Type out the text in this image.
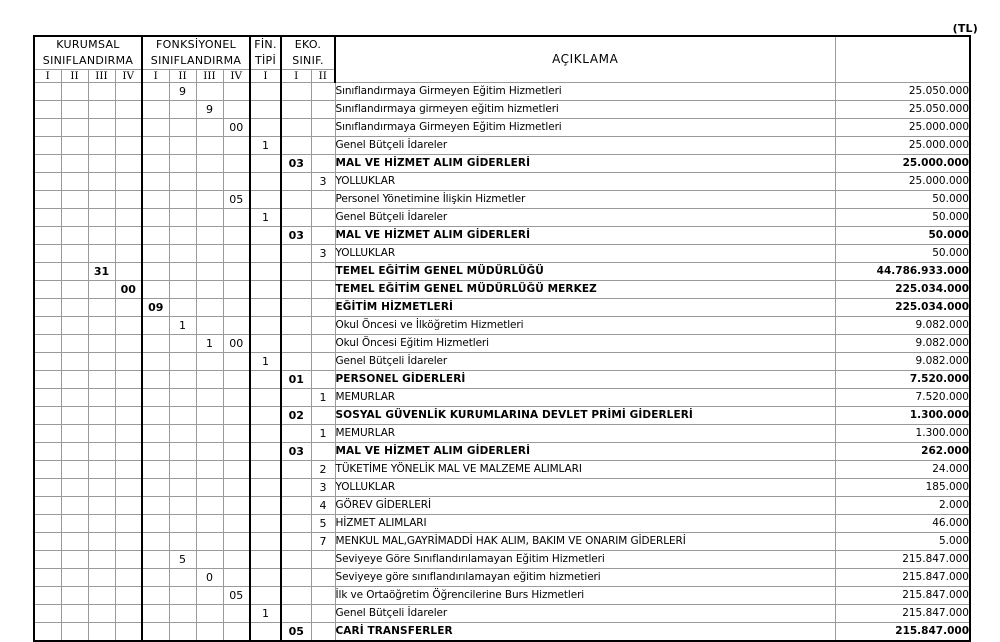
(TL)
KURUMSAL
SINIFLANDIRMA				FONKSİYONEL
SINIFLANDIRMA				FİN.
TİPİ	EKO.
SINIF.		AÇIKLAMA	
I	II	III	IV	I	II	III	IV	I	I	II		
					9						Sınıflandırmaya Girmeyen Eğitim Hizmetleri	25.050.000
						9					Sınıflandırmaya girmeyen eğitim hizmetleri	25.050.000
							00				Sınıflandırmaya Girmeyen Eğitim Hizmetleri	25.000.000
								1			Genel Bütçeli İdareler	25.000.000
									03		MAL VE HİZMET ALIM GİDERLERİ	25.000.000
										3	YOLLUKLAR	25.000.000
							05				Personel Yönetimine İlişkin Hizmetler	50.000
								1			Genel Bütçeli İdareler	50.000
									03		MAL VE HİZMET ALIM GİDERLERİ	50.000
										3	YOLLUKLAR	50.000
		31									TEMEL EĞİTİM GENEL MÜDÜRLÜĞÜ	44.786.933.000
			00								TEMEL EĞİTİM GENEL MÜDÜRLÜĞÜ MERKEZ	225.034.000
				09							EĞİTİM HİZMETLERİ	225.034.000
					1						Okul Öncesi ve İlköğretim Hizmetleri	9.082.000
						1	00				Okul Öncesi Eğitim Hizmetleri	9.082.000
								1			Genel Bütçeli İdareler	9.082.000
									01		PERSONEL GİDERLERİ	7.520.000
										1	MEMURLAR	7.520.000
									02		SOSYAL GÜVENLİK KURUMLARINA DEVLET PRİMİ GİDERLERİ	1.300.000
										1	MEMURLAR	1.300.000
									03		MAL VE HİZMET ALIM GİDERLERİ	262.000
										2	TÜKETİME YÖNELİK MAL VE MALZEME ALIMLARI	24.000
										3	YOLLUKLAR	185.000
										4	GÖREV GİDERLERİ	2.000
										5	HİZMET ALIMLARI	46.000
										7	MENKUL MAL,GAYRİMADDİ HAK ALIM, BAKIM VE ONARIM GİDERLERİ	5.000
					5						Seviyeye Göre Sınıflandırılamayan Eğitim Hizmetleri	215.847.000
						0					Seviyeye göre sınıflandırılamayan eğitim hizmetieri	215.847.000
							05				İlk ve Ortaöğretim Öğrencilerine Burs Hizmetleri	215.847.000
								1			Genel Bütçeli İdareler	215.847.000
									05		CARİ TRANSFERLER	215.847.000
